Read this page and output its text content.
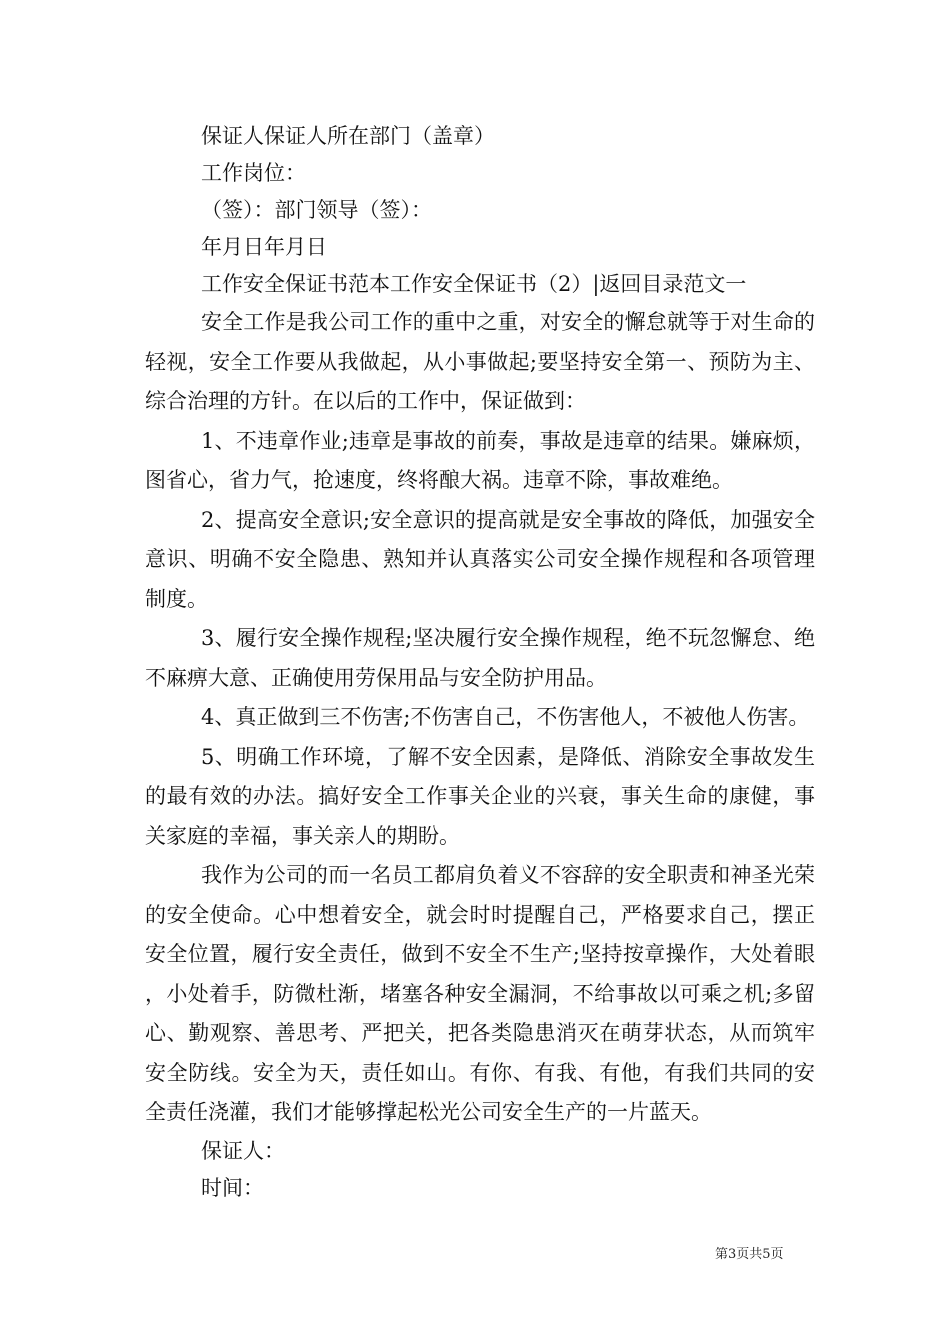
保证人保证人所在部门（盖章）

工作岗位：

（签）：部门领导（签）：

年月日年月日

工作安全保证书范本工作安全保证书（2）|返回目录范文一

安全工作是我公司工作的重中之重，对安全的懈怠就等于对生命的轻视，安全工作要从我做起，从小事做起;要坚持安全第一、预防为主、综合治理的方针。在以后的工作中，保证做到：

1、不违章作业;违章是事故的前奏，事故是违章的结果。嫌麻烦，图省心，省力气，抢速度，终将酿大祸。违章不除，事故难绝。

2、提高安全意识;安全意识的提高就是安全事故的降低，加强安全意识、明确不安全隐患、熟知并认真落实公司安全操作规程和各项管理制度。

3、履行安全操作规程;坚决履行安全操作规程，绝不玩忽懈怠、绝不麻痹大意、正确使用劳保用品与安全防护用品。

4、真正做到三不伤害;不伤害自己，不伤害他人，不被他人伤害。

5、明确工作环境，了解不安全因素，是降低、消除安全事故发生的最有效的办法。搞好安全工作事关企业的兴衰，事关生命的康健，事关家庭的幸福，事关亲人的期盼。

我作为公司的而一名员工都肩负着义不容辞的安全职责和神圣光荣的安全使命。心中想着安全，就会时时提醒自己，严格要求自己，摆正安全位置，履行安全责任，做到不安全不生产;坚持按章操作，大处着眼，小处着手，防微杜渐，堵塞各种安全漏洞，不给事故以可乘之机;多留心、勤观察、善思考、严把关，把各类隐患消灭在萌芽状态，从而筑牢安全防线。安全为天，责任如山。有你、有我、有他，有我们共同的安全责任浇灌，我们才能够撑起松光公司安全生产的一片蓝天。

保证人：

时间：

第3页共5页
